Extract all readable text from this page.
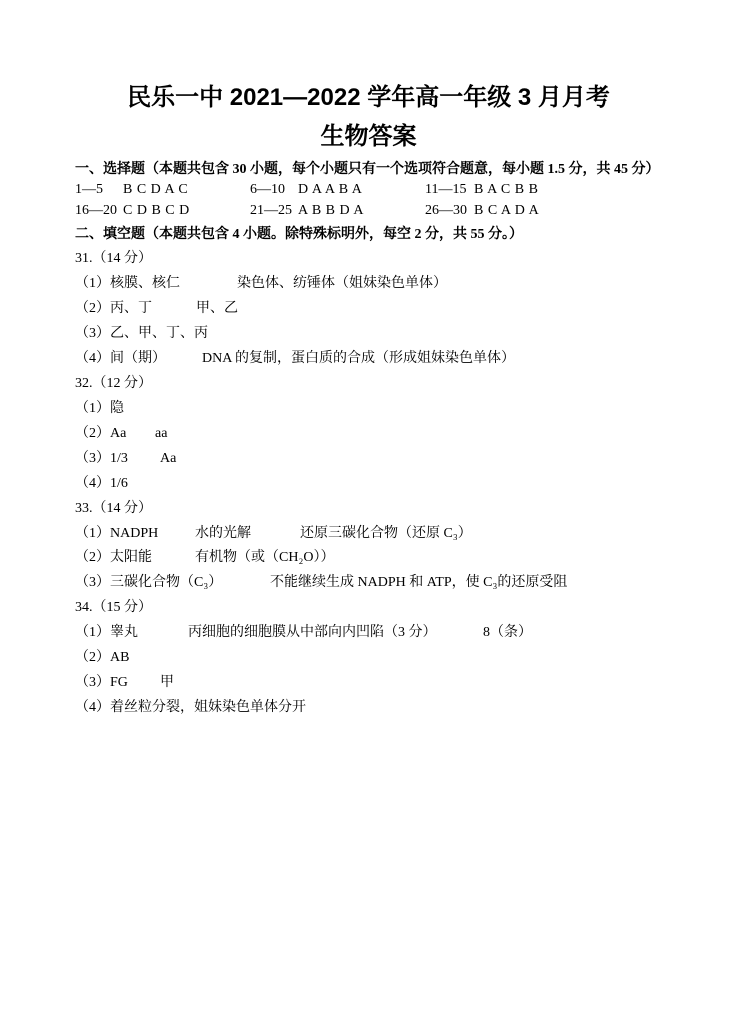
民乐一中 2021—2022 学年高一年级 3 月月考
生物答案
一、选择题（本题共包含 30 小题，每个小题只有一个选项符合题意，每小题 1.5 分，共 45 分）
1—5 B C D A C	6—10 D A A B A	11—15 B A C B B
16—20 C D B C D	21—25 A B B D A	26—30 B C A D A
二、填空题（本题共包含 4 小题。除特殊标明外，每空 2 分，共 55 分。）
31.（14 分）
（1）核膜、核仁	染色体、纺锤体（姐妹染色单体）
（2）丙、丁	甲、乙
（3）乙、甲、丁、丙
（4）间（期）	DNA 的复制，蛋白质的合成（形成姐妹染色单体）
32.（12 分）
（1）隐
（2）Aa aa
（3）1/3 Aa
（4）1/6
33.（14 分）
（1）NADPH	水的光解	还原三碳化合物（还原 C₃）
（2）太阳能	有机物（或（CH₂O））
（3）三碳化合物（C₃）	不能继续生成 NADPH 和 ATP，使 C₃的还原受阻
34.（15 分）
（1）睾丸	丙细胞的细胞膜从中部向内凹陷（3 分）	8（条）
（2）AB
（3）FG 甲
（4）着丝粒分裂，姐妹染色单体分开
